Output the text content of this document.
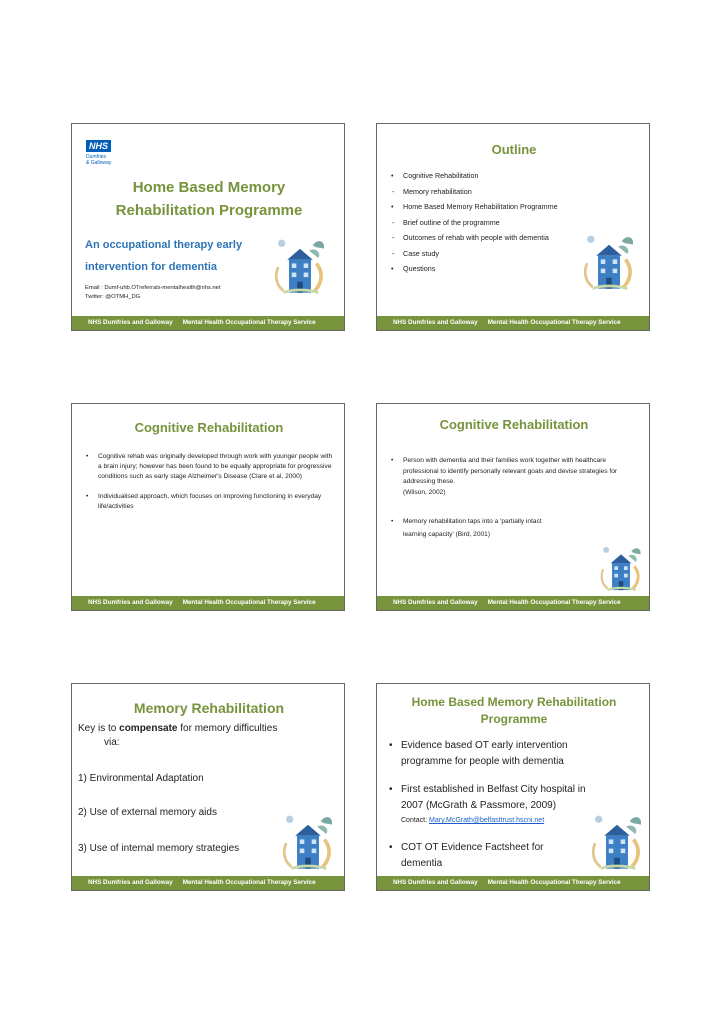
NHS
Dumfries
& Galloway
Home Based Memory
Rehabilitation Programme
An occupational therapy early
intervention for dementia
Email : Dumf-uhb.OTreferrals-mentalhealth@nhs.net
Twitter: @OTMH_DG
NHS Dumfries and Galloway Mental Health Occupational Therapy Service
Outline
• Cognitive Rehabilitation
- Memory rehabilitation
• Home Based Memory Rehabilitation Programme
- Brief outline of the programme
- Outcomes of rehab with people with dementia
- Case study
• Questions
NHS Dumfries and Galloway Mental Health Occupational Therapy Service
Cognitive Rehabilitation
• Cognitive rehab was originally developed through work with younger people with a brain injury; however has been found to be equally appropriate for progressive conditions such as early stage Alzheimer's Disease (Clare et al, 2000)
• Individualised approach, which focuses on improving functioning in everyday life/activities
NHS Dumfries and Galloway Mental Health Occupational Therapy Service
Cognitive Rehabilitation
• Person with dementia and their families work together with healthcare professional to identify personally relevant goals and devise strategies for addressing these.
(Wilson, 2002)
• Memory rehabilitation taps into a 'partially intact
learning capacity' (Bird, 2001)
NHS Dumfries and Galloway Mental Health Occupational Therapy Service
Memory Rehabilitation
Key is to compensate for memory difficulties
via:
1) Environmental Adaptation
2) Use of external memory aids
3) Use of internal memory strategies
NHS Dumfries and Galloway Mental Health Occupational Therapy Service
Home Based Memory Rehabilitation
Programme
• Evidence based OT early intervention
programme for people with dementia
• First established in Belfast City hospital in
2007 (McGrath & Passmore, 2009)
Contact: Mary.McGrath@belfasttrust.hscni.net
• COT OT Evidence Factsheet for
dementia
NHS Dumfries and Galloway Mental Health Occupational Therapy Service
